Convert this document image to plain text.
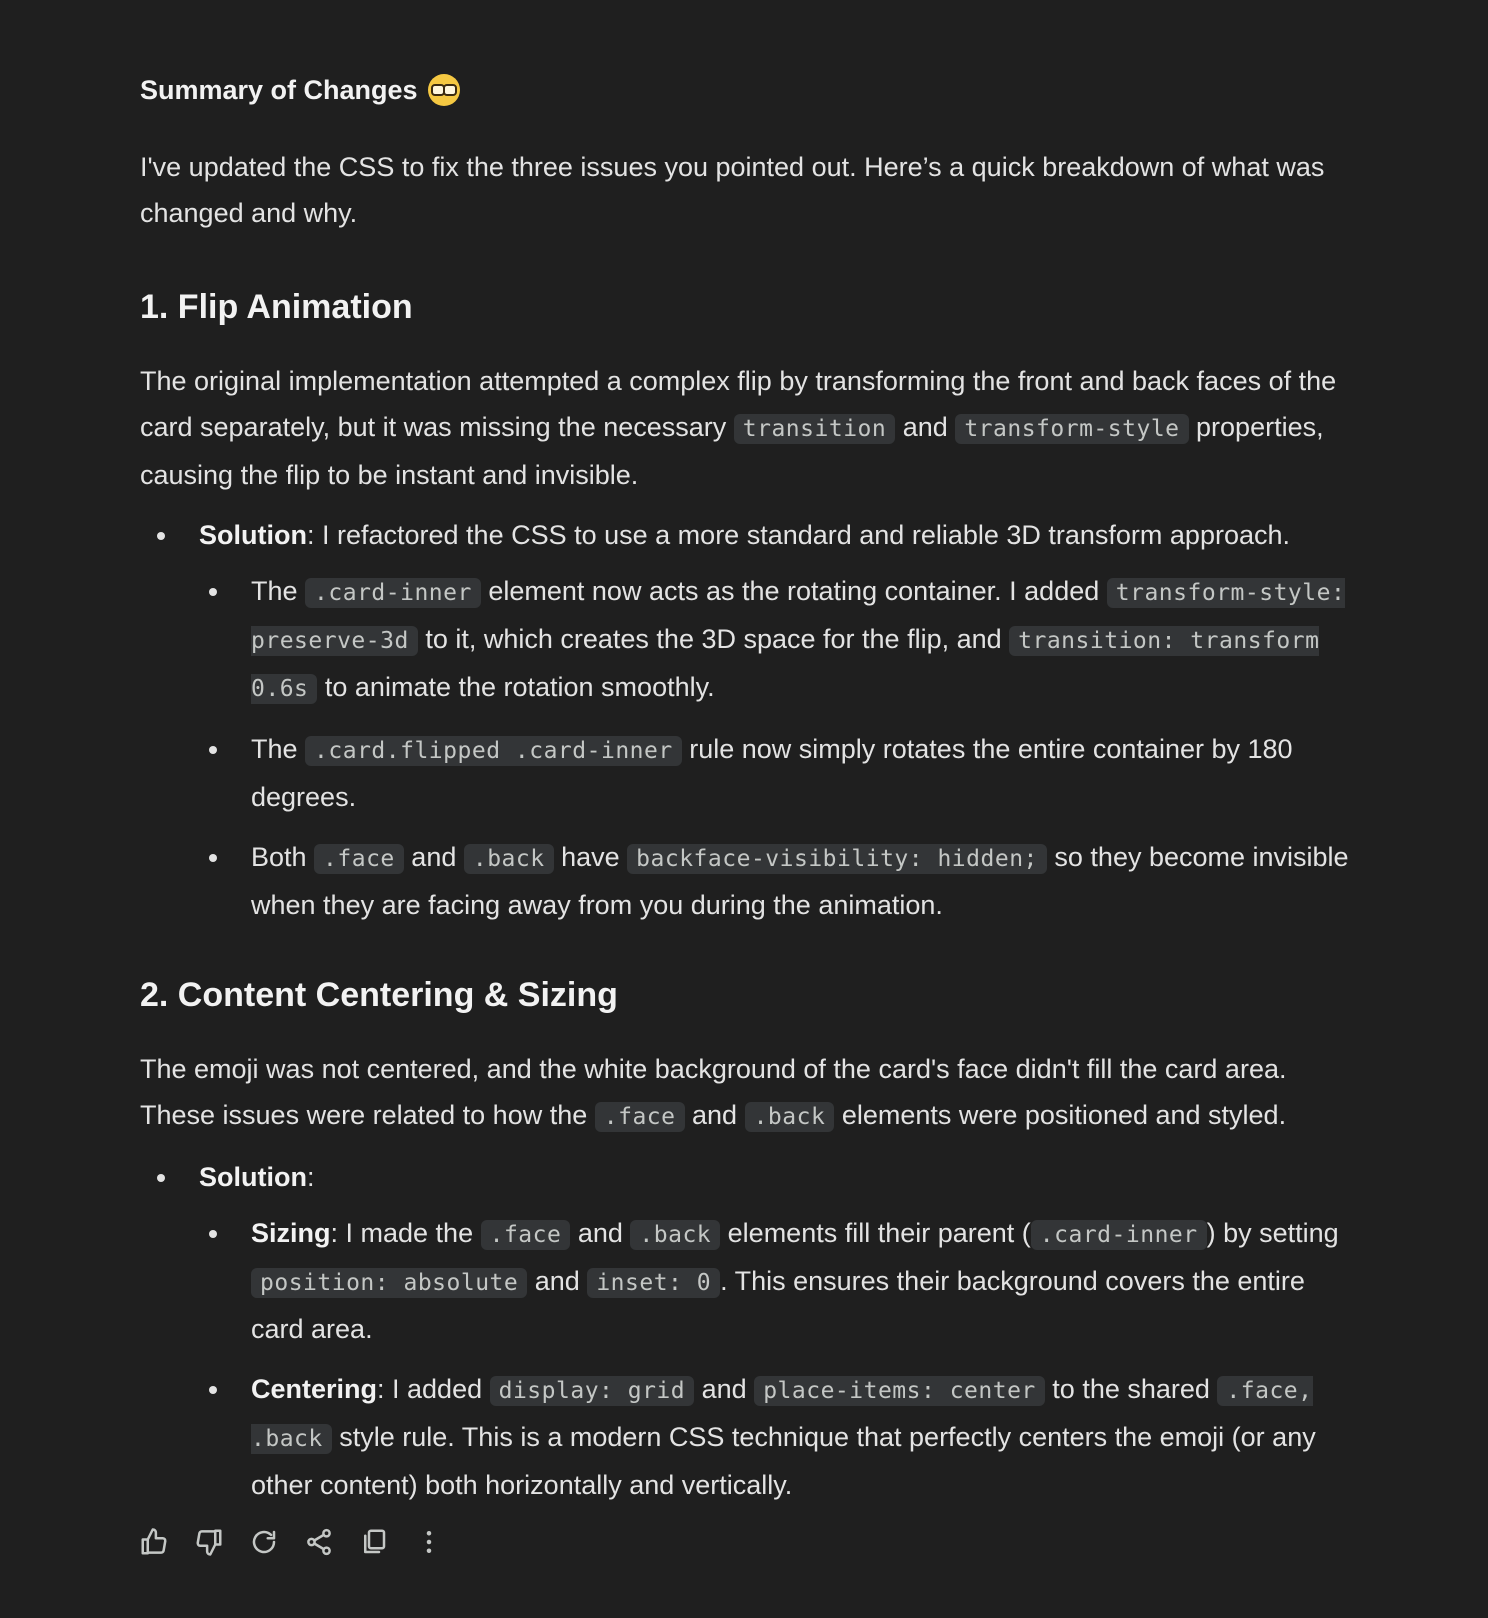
Summary of Changes

I've updated the CSS to fix the three issues you pointed out. Here’s a quick breakdown of what was changed and why.

1. Flip Animation

The original implementation attempted a complex flip by transforming the front and back faces of the card separately, but it was missing the necessary transition and transform-style properties, causing the flip to be instant and invisible.

Solution: I refactored the CSS to use a more standard and reliable 3D transform approach.
The .card-inner element now acts as the rotating container. I added transform-style: preserve-3d to it, which creates the 3D space for the flip, and transition: transform 0.6s to animate the rotation smoothly.
The .card.flipped .card-inner rule now simply rotates the entire container by 180 degrees.
Both .face and .back have backface-visibility: hidden; so they become invisible when they are facing away from you during the animation.
2. Content Centering & Sizing

The emoji was not centered, and the white background of the card's face didn't fill the card area. These issues were related to how the .face and .back elements were positioned and styled.

Solution:
Sizing: I made the .face and .back elements fill their parent ( .card-inner ) by setting position: absolute and inset: 0 . This ensures their background covers the entire card area.
Centering: I added display: grid and place-items: center to the shared .face, .back style rule. This is a modern CSS technique that perfectly centers the emoji (or any other content) both horizontally and vertically.
